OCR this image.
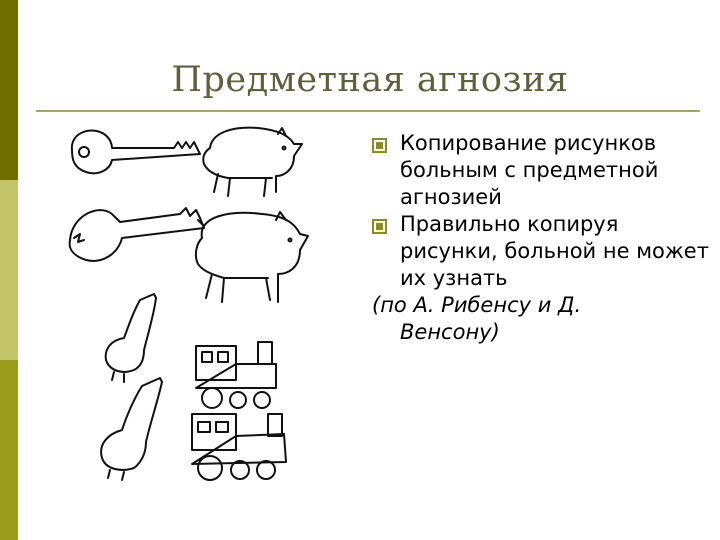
Предметная агнозия
Копирование рисунков больным с предметной агнозией
Правильно копируя рисунки, больной не может их узнать
(по А. Рибенсу и Д.
Венсону)
